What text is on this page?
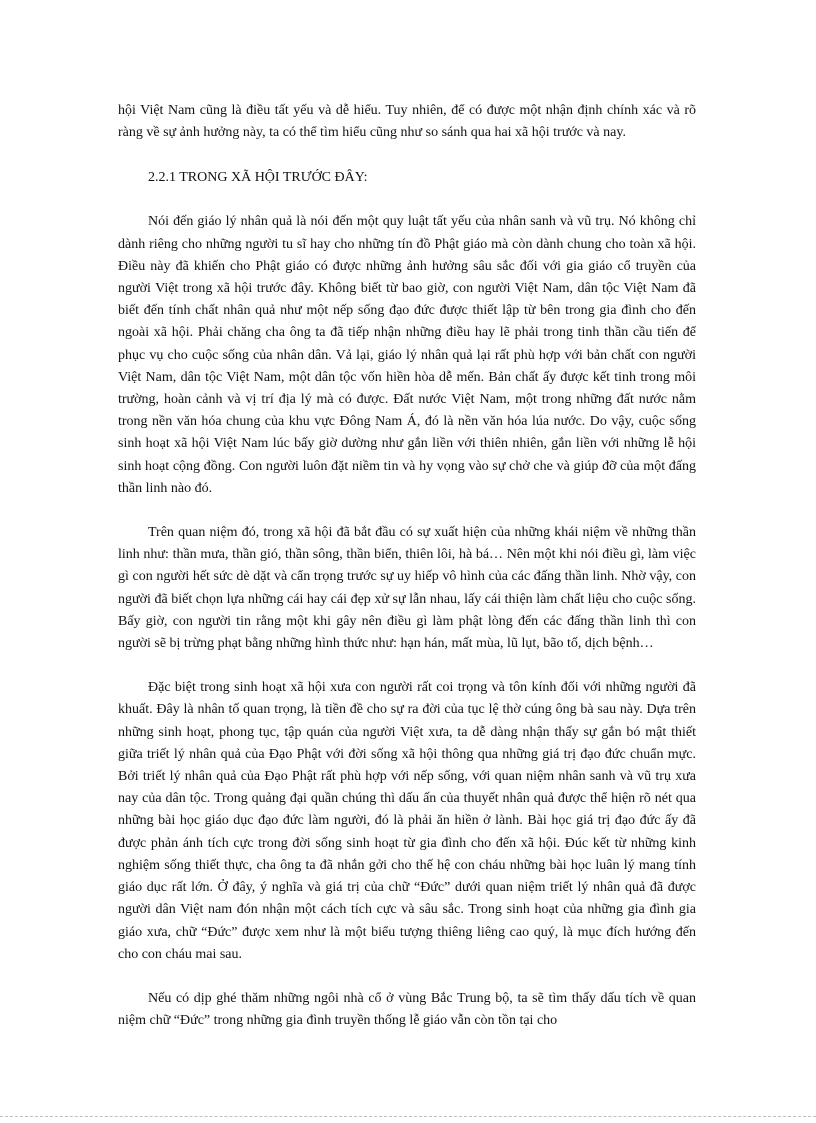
hội Việt Nam cũng là điều tất yếu và dễ hiểu. Tuy nhiên, để có được một nhận định chính xác và rõ ràng về sự ảnh hưởng này, ta có thể tìm hiểu cũng như so sánh qua hai xã hội trước và nay.

2.2.1 TRONG XÃ HỘI TRƯỚC ĐÂY:

Nói đến giáo lý nhân quả là nói đến một quy luật tất yếu của nhân sanh và vũ trụ. Nó không chỉ dành riêng cho những người tu sĩ hay cho những tín đồ Phật giáo mà còn dành chung cho toàn xã hội. Điều này đã khiến cho Phật giáo có được những ảnh hưởng sâu sắc đối với gia giáo cổ truyền của người Việt trong xã hội trước đây. Không biết từ bao giờ, con người Việt Nam, dân tộc Việt Nam đã biết đến tính chất nhân quả như một nếp sống đạo đức được thiết lập từ bên trong gia đình cho đến ngoài xã hội. Phải chăng cha ông ta đã tiếp nhận những điều hay lẽ phải trong tinh thần cầu tiến để phục vụ cho cuộc sống của nhân dân. Vả lại, giáo lý nhân quả lại rất phù hợp với bản chất con người Việt Nam, dân tộc Việt Nam, một dân tộc vốn hiền hòa dễ mến. Bản chất ấy được kết tinh trong môi trường, hoàn cảnh và vị trí địa lý mà có được. Đất nước Việt Nam, một trong những đất nước nằm trong nền văn hóa chung của khu vực Đông Nam Á, đó là nền văn hóa lúa nước. Do vậy, cuộc sống sinh hoạt xã hội Việt Nam lúc bấy giờ dường như gắn liền với thiên nhiên, gắn liền với những lễ hội sinh hoạt cộng đồng. Con người luôn đặt niềm tin và hy vọng vào sự chở che và giúp đỡ của một đấng thần linh nào đó.

Trên quan niệm đó, trong xã hội đã bắt đầu có sự xuất hiện của những khái niệm về những thần linh như: thần mưa, thần gió, thần sông, thần biển, thiên lôi, hà bá… Nên một khi nói điều gì, làm việc gì con người hết sức dè dặt và cẩn trọng trước sự uy hiếp vô hình của các đấng thần linh. Nhờ vậy, con người đã biết chọn lựa những cái hay cái đẹp xử sự lẫn nhau, lấy cái thiện làm chất liệu cho cuộc sống. Bấy giờ, con người tin rằng một khi gây nên điều gì làm phật lòng đến các đấng thần linh thì con người sẽ bị trừng phạt bằng những hình thức như: hạn hán, mất mùa, lũ lụt, bão tố, dịch bệnh…

Đặc biệt trong sinh hoạt xã hội xưa con người rất coi trọng và tôn kính đối với những người đã khuất. Đây là nhân tố quan trọng, là tiền đề cho sự ra đời của tục lệ thờ cúng ông bà sau này. Dựa trên những sinh hoạt, phong tục, tập quán của người Việt xưa, ta dễ dàng nhận thấy sự gắn bó mật thiết giữa triết lý nhân quả của Đạo Phật với đời sống xã hội thông qua những giá trị đạo đức chuẩn mực. Bởi triết lý nhân quả của Đạo Phật rất phù hợp với nếp sống, với quan niệm nhân sanh và vũ trụ xưa nay của dân tộc. Trong quảng đại quần chúng thì dấu ấn của thuyết nhân quả được thể hiện rõ nét qua những bài học giáo dục đạo đức làm người, đó là phải ăn hiền ở lành. Bài học giá trị đạo đức ấy đã được phản ánh tích cực trong đời sống sinh hoạt từ gia đình cho đến xã hội. Đúc kết từ những kinh nghiệm sống thiết thực, cha ông ta đã nhắn gởi cho thế hệ con cháu những bài học luân lý mang tính giáo dục rất lớn. Ở đây, ý nghĩa và giá trị của chữ “Đức” dưới quan niệm triết lý nhân quả đã được người dân Việt nam đón nhận một cách tích cực và sâu sắc. Trong sinh hoạt của những gia đình gia giáo xưa, chữ “Đức” được xem như là một biểu tượng thiêng liêng cao quý, là mục đích hướng đến cho con cháu mai sau.

Nếu có dịp ghé thăm những ngôi nhà cổ ở vùng Bắc Trung bộ, ta sẽ tìm thấy dấu tích về quan niệm chữ “Đức” trong những gia đình truyền thống lễ giáo vẫn còn tồn tại cho
